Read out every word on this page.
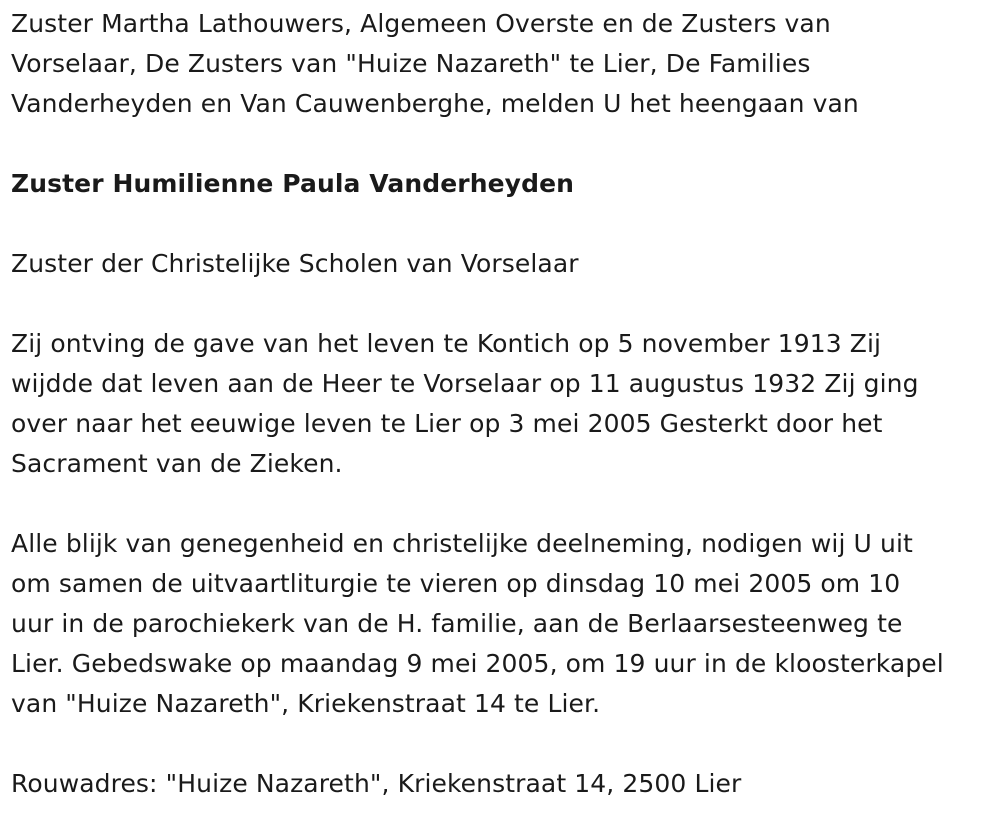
Zuster Martha Lathouwers, Algemeen Overste en de Zusters van
Vorselaar, De Zusters van "Huize Nazareth" te Lier, De Families
Vanderheyden en Van Cauwenberghe, melden U het heengaan van

Zuster Humilienne Paula Vanderheyden

Zuster der Christelijke Scholen van Vorselaar

Zij ontving de gave van het leven te Kontich op 5 november 1913 Zij
wijdde dat leven aan de Heer te Vorselaar op 11 augustus 1932 Zij ging
over naar het eeuwige leven te Lier op 3 mei 2005 Gesterkt door het
Sacrament van de Zieken.

Alle blijk van genegenheid en christelijke deelneming, nodigen wij U uit
om samen de uitvaartliturgie te vieren op dinsdag 10 mei 2005 om 10
uur in de parochiekerk van de H. familie, aan de Berlaarsesteenweg te
Lier. Gebedswake op maandag 9 mei 2005, om 19 uur in de kloosterkapel
van "Huize Nazareth", Kriekenstraat 14 te Lier.

Rouwadres: "Huize Nazareth", Kriekenstraat 14, 2500 Lier
